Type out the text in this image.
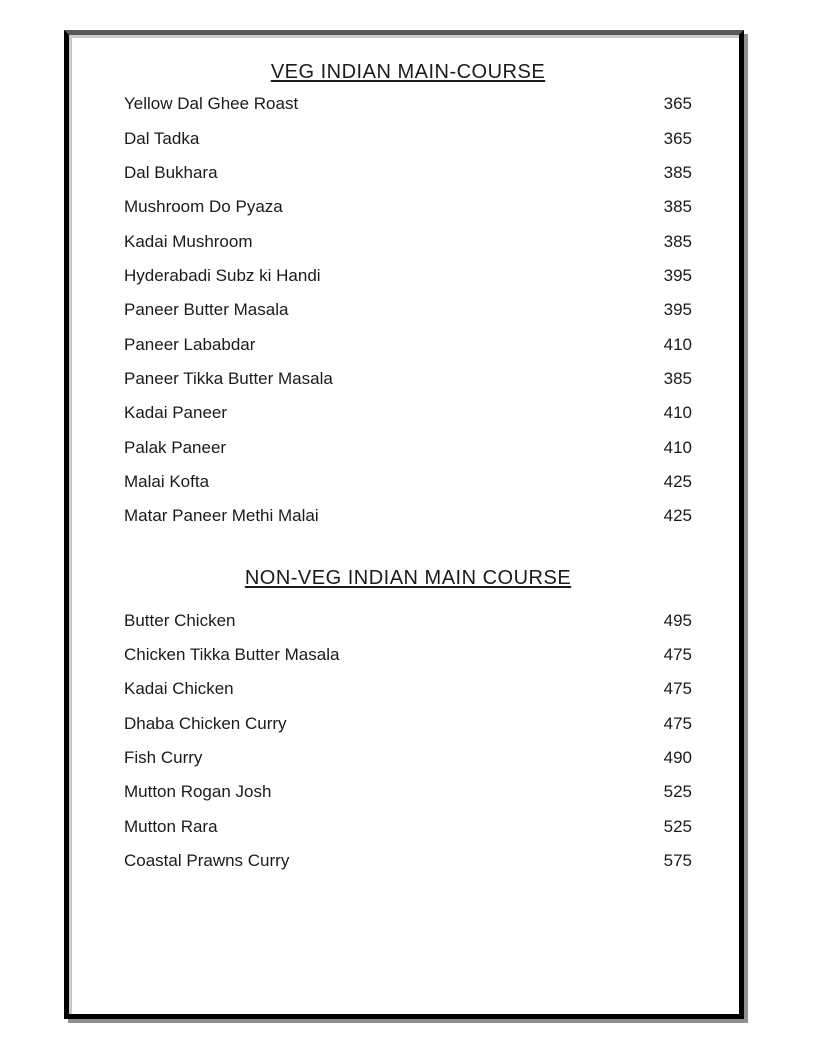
VEG INDIAN MAIN-COURSE
Yellow Dal Ghee Roast	365
Dal Tadka	365
Dal Bukhara	385
Mushroom Do Pyaza	385
Kadai Mushroom	385
Hyderabadi Subz ki Handi	395
Paneer Butter Masala	395
Paneer Lababdar	410
Paneer Tikka Butter Masala	385
Kadai Paneer	410
Palak Paneer	410
Malai Kofta	425
Matar Paneer Methi Malai	425
NON-VEG INDIAN MAIN COURSE
Butter Chicken	495
Chicken Tikka Butter Masala	475
Kadai Chicken	475
Dhaba Chicken Curry	475
Fish Curry	490
Mutton Rogan Josh	525
Mutton Rara	525
Coastal Prawns Curry	575
